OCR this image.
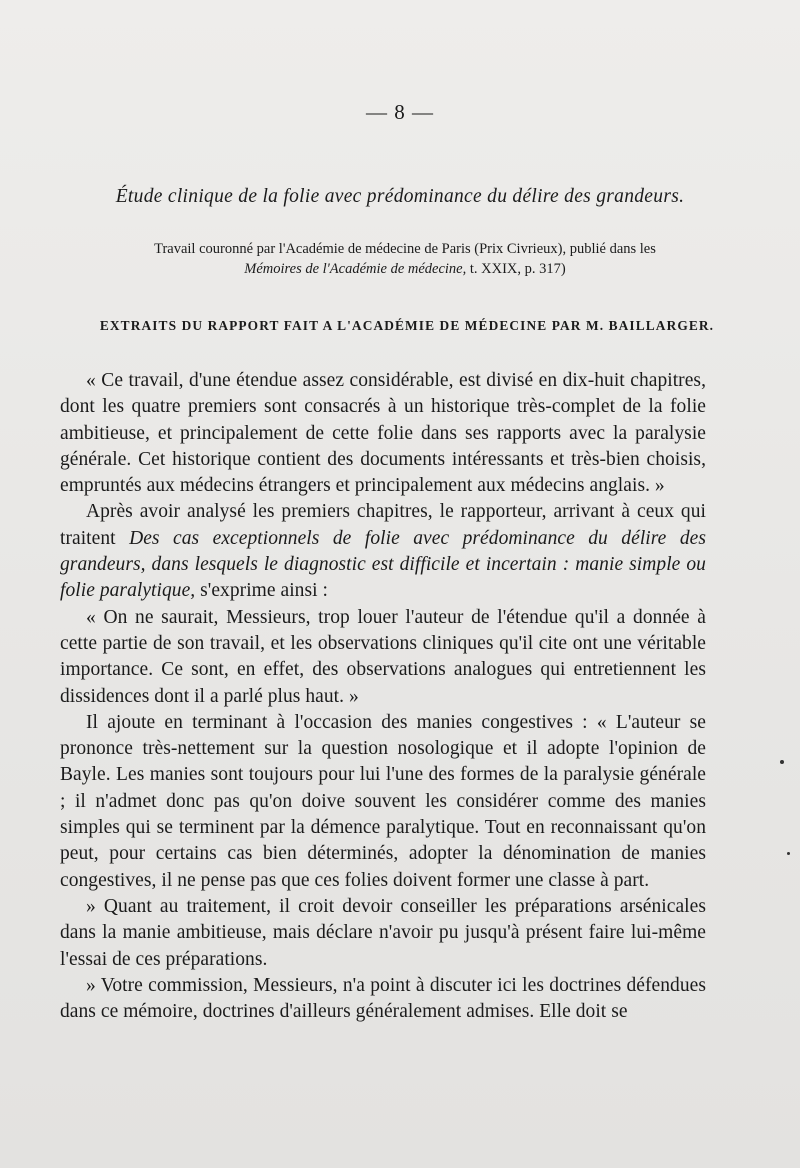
— 8 —
Étude clinique de la folie avec prédominance du délire des grandeurs.
Travail couronné par l'Académie de médecine de Paris (Prix Civrieux), publié dans les
Mémoires de l'Académie de médecine, t. XXIX, p. 317)
EXTRAITS DU RAPPORT FAIT A L'ACADÉMIE DE MÉDECINE PAR M. BAILLARGER.

« Ce travail, d'une étendue assez considérable, est divisé en dix-huit chapitres, dont les quatre premiers sont consacrés à un historique très-complet de la folie ambitieuse, et principalement de cette folie dans ses rapports avec la paralysie générale. Cet historique contient des documents intéressants et très-bien choisis, empruntés aux médecins étrangers et principalement aux médecins anglais. »

Après avoir analysé les premiers chapitres, le rapporteur, arrivant à ceux qui traitent Des cas exceptionnels de folie avec prédominance du délire des grandeurs, dans lesquels le diagnostic est difficile et incertain : manie simple ou folie paralytique, s'exprime ainsi :

« On ne saurait, Messieurs, trop louer l'auteur de l'étendue qu'il a donnée à cette partie de son travail, et les observations cliniques qu'il cite ont une véritable importance. Ce sont, en effet, des observations analogues qui entretiennent les dissidences dont il a parlé plus haut. »

Il ajoute en terminant à l'occasion des manies congestives : « L'auteur se prononce très-nettement sur la question nosologique et il adopte l'opinion de Bayle. Les manies sont toujours pour lui l'une des formes de la paralysie générale ; il n'admet donc pas qu'on doive souvent les considérer comme des manies simples qui se terminent par la démence paralytique. Tout en reconnaissant qu'on peut, pour certains cas bien déterminés, adopter la dénomination de manies congestives, il ne pense pas que ces folies doivent former une classe à part.

» Quant au traitement, il croit devoir conseiller les préparations arsénicales dans la manie ambitieuse, mais déclare n'avoir pu jusqu'à présent faire lui-même l'essai de ces préparations.

» Votre commission, Messieurs, n'a point à discuter ici les doctrines défendues dans ce mémoire, doctrines d'ailleurs généralement admises. Elle doit se
